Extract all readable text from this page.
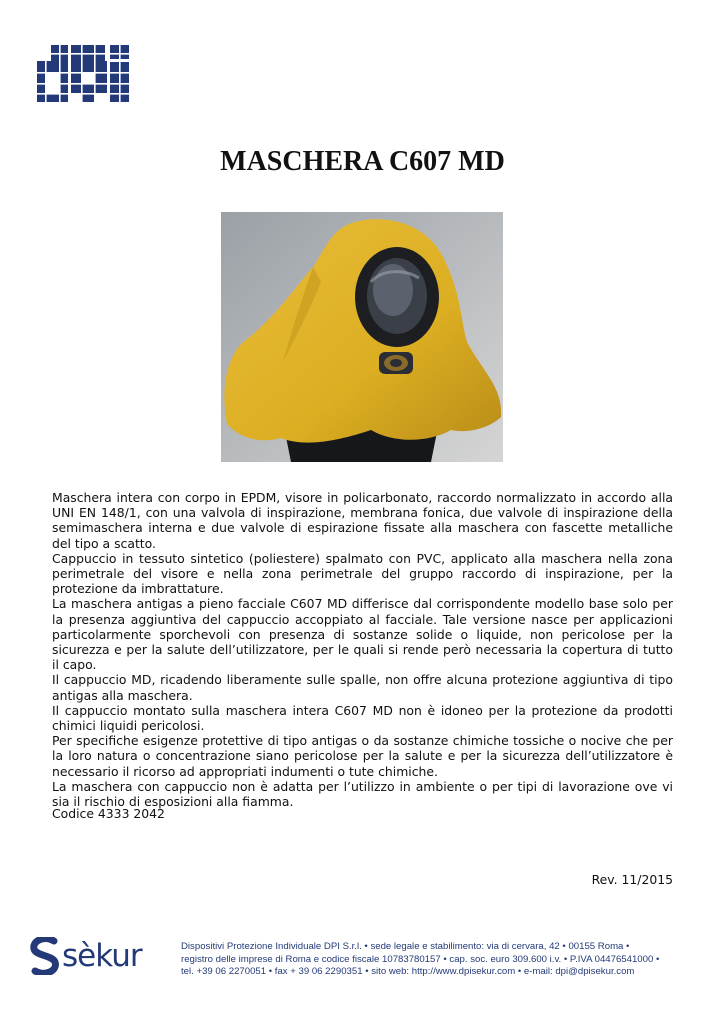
MASCHERA C607 MD

Maschera intera con corpo in EPDM, visore in policarbonato, raccordo normalizzato in accordo alla UNI EN 148/1, con una valvola di inspirazione, membrana fonica, due valvole di inspirazione della semimaschera interna e due valvole di espirazione fissate alla maschera con fascette metalliche del tipo a scatto.

Cappuccio in tessuto sintetico (poliestere) spalmato con PVC, applicato alla maschera nella zona perimetrale del visore e nella zona perimetrale del gruppo raccordo di inspirazione, per la protezione da imbrattature.

La maschera antigas a pieno facciale C607 MD differisce dal corrispondente modello base solo per la presenza aggiuntiva del cappuccio accoppiato al facciale. Tale versione nasce per applicazioni particolarmente sporchevoli con presenza di sostanze solide o liquide, non pericolose per la sicurezza e per la salute dell’utilizzatore, per le quali si rende però necessaria la copertura di tutto il capo.

Il cappuccio MD, ricadendo liberamente sulle spalle, non offre alcuna protezione aggiuntiva di tipo antigas alla maschera.

Il cappuccio montato sulla maschera intera C607 MD non è idoneo per la protezione da prodotti chimici liquidi pericolosi.

Per specifiche esigenze protettive di tipo antigas o da sostanze chimiche tossiche o nocive che per la loro natura o concentrazione siano pericolose per la salute e per la sicurezza dell’utilizzatore è necessario il ricorso ad appropriati indumenti o tute chimiche.

La maschera con cappuccio non è adatta per l’utilizzo in ambiente o per tipi di lavorazione ove vi sia il rischio di esposizioni alla fiamma.

Codice 4333 2042
Rev. 11/2015
sèkur	Dispositivi Protezione Individuale DPI S.r.l. • sede legale e stabilimento: via di cervara, 42 • 00155 Roma •
registro delle imprese di Roma e codice fiscale 10783780157 • cap. soc. euro 309.600 i.v. • P.IVA 04476541000 •
tel. +39 06 2270051 • fax + 39 06 2290351 • sito web: http://www.dpisekur.com • e-mail: dpi@dpisekur.com
